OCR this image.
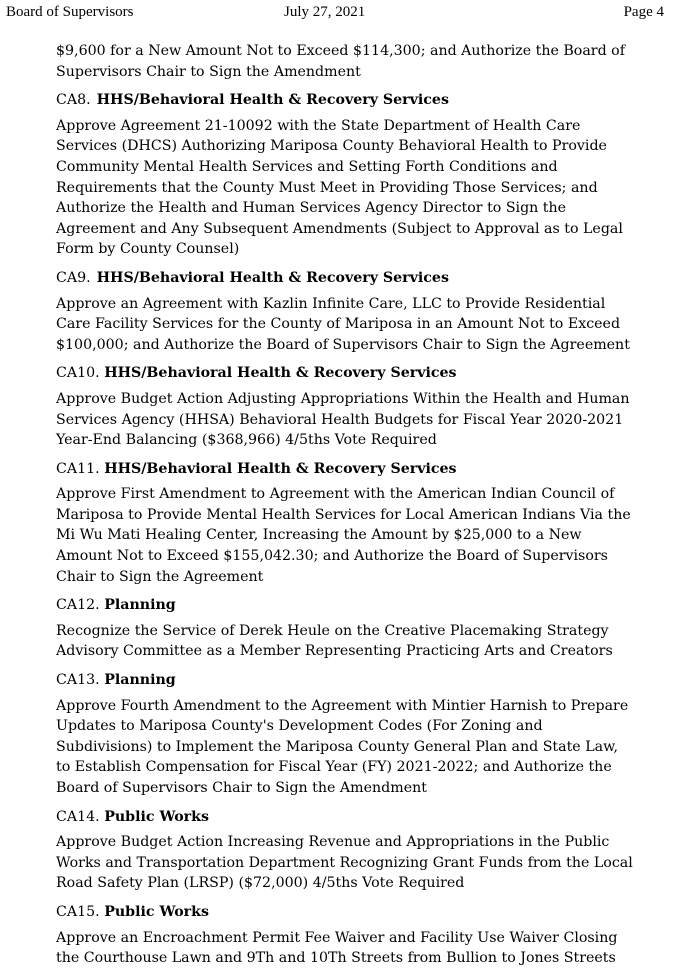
Board of Supervisors	July 27, 2021	Page 4
$9,600 for a New Amount Not to Exceed $114,300; and Authorize the Board of
Supervisors Chair to Sign the Amendment
CA8. HHS/Behavioral Health & Recovery Services
Approve Agreement 21-10092 with the State Department of Health Care
Services (DHCS) Authorizing Mariposa County Behavioral Health to Provide
Community Mental Health Services and Setting Forth Conditions and
Requirements that the County Must Meet in Providing Those Services; and
Authorize the Health and Human Services Agency Director to Sign the
Agreement and Any Subsequent Amendments (Subject to Approval as to Legal
Form by County Counsel)
CA9. HHS/Behavioral Health & Recovery Services
Approve an Agreement with Kazlin Infinite Care, LLC to Provide Residential
Care Facility Services for the County of Mariposa in an Amount Not to Exceed
$100,000; and Authorize the Board of Supervisors Chair to Sign the Agreement
CA10. HHS/Behavioral Health & Recovery Services
Approve Budget Action Adjusting Appropriations Within the Health and Human
Services Agency (HHSA) Behavioral Health Budgets for Fiscal Year 2020-2021
Year-End Balancing ($368,966) 4/5ths Vote Required
CA11. HHS/Behavioral Health & Recovery Services
Approve First Amendment to Agreement with the American Indian Council of
Mariposa to Provide Mental Health Services for Local American Indians Via the
Mi Wu Mati Healing Center, Increasing the Amount by $25,000 to a New
Amount Not to Exceed $155,042.30; and Authorize the Board of Supervisors
Chair to Sign the Agreement
CA12. Planning
Recognize the Service of Derek Heule on the Creative Placemaking Strategy
Advisory Committee as a Member Representing Practicing Arts and Creators
CA13. Planning
Approve Fourth Amendment to the Agreement with Mintier Harnish to Prepare
Updates to Mariposa County's Development Codes (For Zoning and
Subdivisions) to Implement the Mariposa County General Plan and State Law,
to Establish Compensation for Fiscal Year (FY) 2021-2022; and Authorize the
Board of Supervisors Chair to Sign the Amendment
CA14. Public Works
Approve Budget Action Increasing Revenue and Appropriations in the Public
Works and Transportation Department Recognizing Grant Funds from the Local
Road Safety Plan (LRSP) ($72,000) 4/5ths Vote Required
CA15. Public Works
Approve an Encroachment Permit Fee Waiver and Facility Use Waiver Closing
the Courthouse Lawn and 9Th and 10Th Streets from Bullion to Jones Streets
